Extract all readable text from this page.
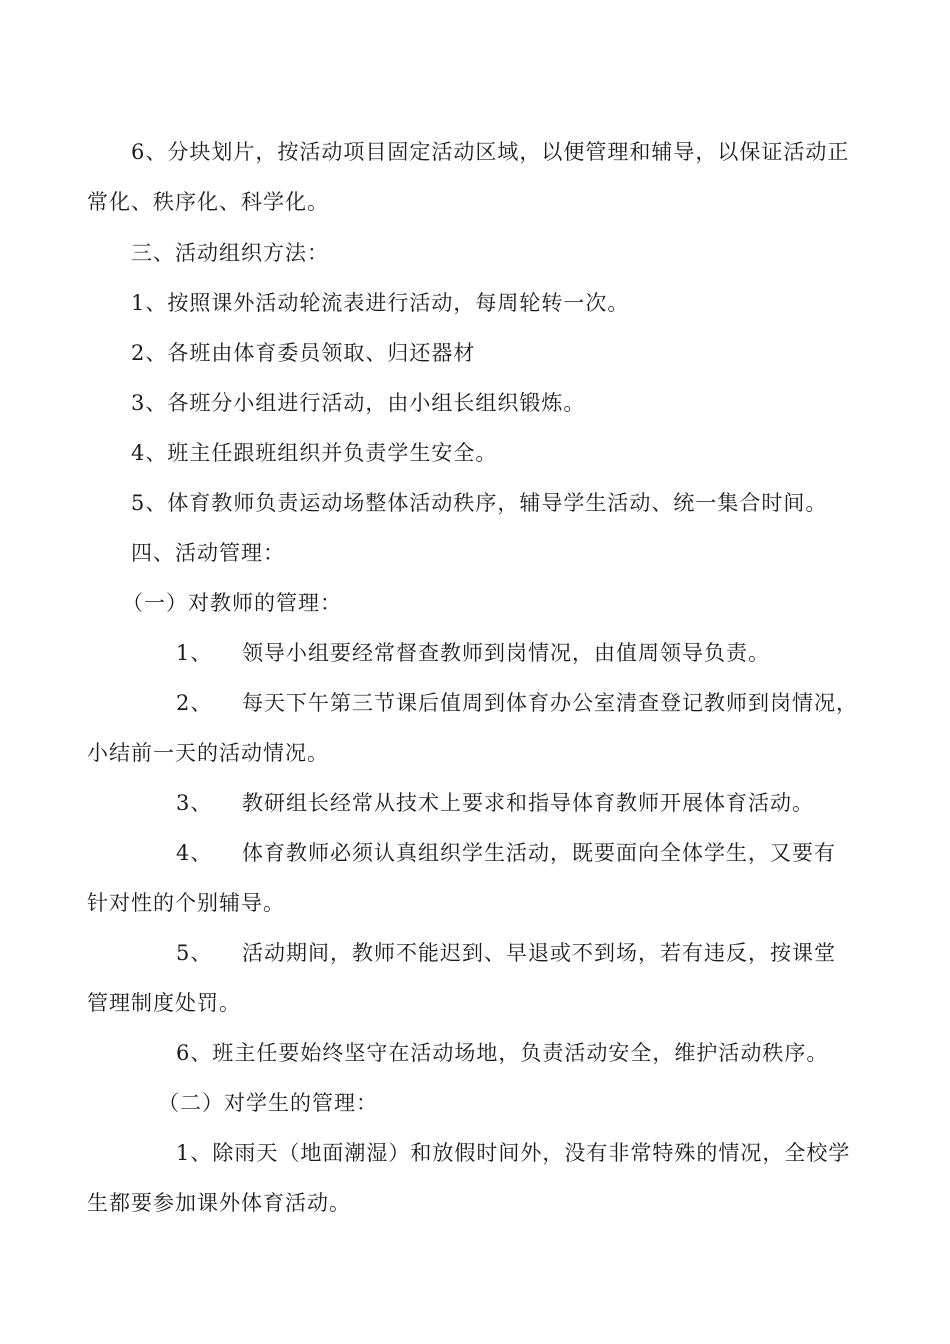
6、分块划片，按活动项目固定活动区域，以便管理和辅导，以保证活动正
常化、秩序化、科学化。
三、活动组织方法：
1、按照课外活动轮流表进行活动，每周轮转一次。
2、各班由体育委员领取、归还器材
3、各班分小组进行活动，由小组长组织锻炼。
4、班主任跟班组织并负责学生安全。
5、体育教师负责运动场整体活动秩序，辅导学生活动、统一集合时间。
四、活动管理：
（一）对教师的管理：
1、 领导小组要经常督查教师到岗情况，由值周领导负责。
2、 每天下午第三节课后值周到体育办公室清查登记教师到岗情况，
小结前一天的活动情况。
3、 教研组长经常从技术上要求和指导体育教师开展体育活动。
4、 体育教师必须认真组织学生活动，既要面向全体学生，又要有
针对性的个别辅导。
5、 活动期间，教师不能迟到、早退或不到场，若有违反，按课堂
管理制度处罚。
6、班主任要始终坚守在活动场地，负责活动安全，维护活动秩序。
（二）对学生的管理：
1、除雨天（地面潮湿）和放假时间外，没有非常特殊的情况，全校学
生都要参加课外体育活动。
